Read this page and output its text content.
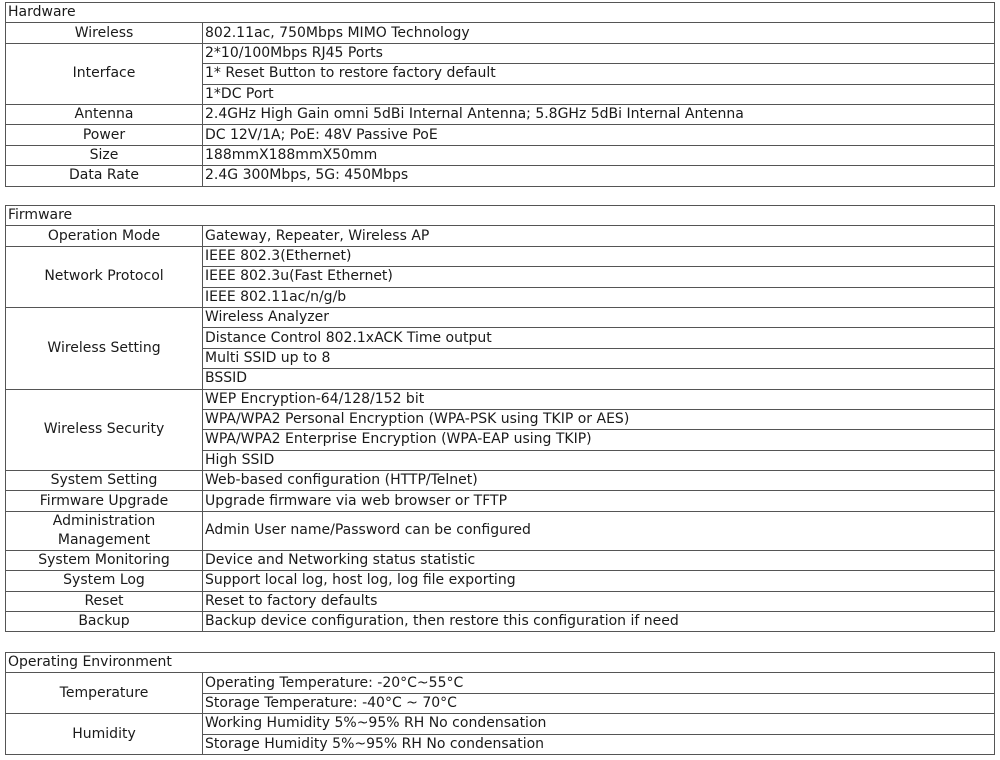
Hardware	
Wireless	802.11ac, 750Mbps MIMO Technology
Interface	2*10/100Mbps RJ45 Ports
	1* Reset Button to restore factory default
	1*DC Port
Antenna	2.4GHz High Gain omni 5dBi Internal Antenna; 5.8GHz 5dBi Internal Antenna
Power	DC 12V/1A; PoE: 48V Passive PoE
Size	188mmX188mmX50mm
Data Rate	2.4G 300Mbps, 5G: 450Mbps
Firmware	
Operation Mode	Gateway, Repeater, Wireless AP
Network Protocol	IEEE 802.3(Ethernet)
	IEEE 802.3u(Fast Ethernet)
	IEEE 802.11ac/n/g/b
Wireless Setting	Wireless Analyzer
	Distance Control 802.1xACK Time output
	Multi SSID up to 8
	BSSID
Wireless Security	WEP Encryption-64/128/152 bit
	WPA/WPA2 Personal Encryption (WPA-PSK using TKIP or AES)
	WPA/WPA2 Enterprise Encryption (WPA-EAP using TKIP)
	High SSID
System Setting	Web-based configuration (HTTP/Telnet)
Firmware Upgrade	Upgrade firmware via web browser or TFTP
Administration Management	Admin User name/Password can be configured
System Monitoring	Device and Networking status statistic
System Log	Support local log, host log, log file exporting
Reset	Reset to factory defaults
Backup	Backup device configuration, then restore this configuration if need
Operating Environment	
Temperature	Operating Temperature: -20°C~55°C
	Storage Temperature: -40°C ~ 70°C
Humidity	Working Humidity 5%~95% RH No condensation
	Storage Humidity 5%~95% RH No condensation
